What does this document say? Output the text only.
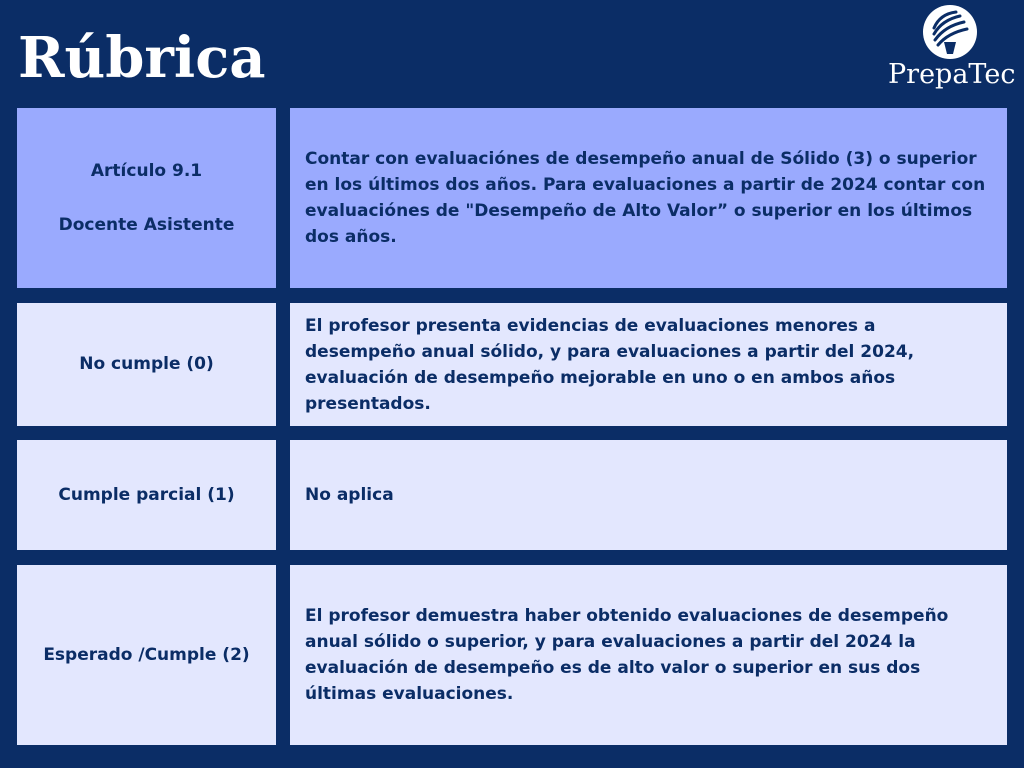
Rúbrica	PrepaTec

Artículo 9.1

Docente Asistente

Contar con evaluaciónes de desempeño anual de Sólido (3) o superior en los últimos dos años. Para evaluaciones a partir de 2024 contar con evaluaciónes de "Desempeño de Alto Valor” o superior en los últimos dos años.
No cumple (0)
El profesor presenta evidencias de evaluaciones menores a desempeño anual sólido, y para evaluaciones a partir del 2024, evaluación de desempeño mejorable en uno o en ambos años presentados.
Cumple parcial (1)	No aplica
Esperado /Cumple (2)
El profesor demuestra haber obtenido evaluaciones de desempeño anual sólido o superior, y para evaluaciones a partir del 2024 la evaluación de desempeño es de alto valor o superior en sus dos últimas evaluaciones.
